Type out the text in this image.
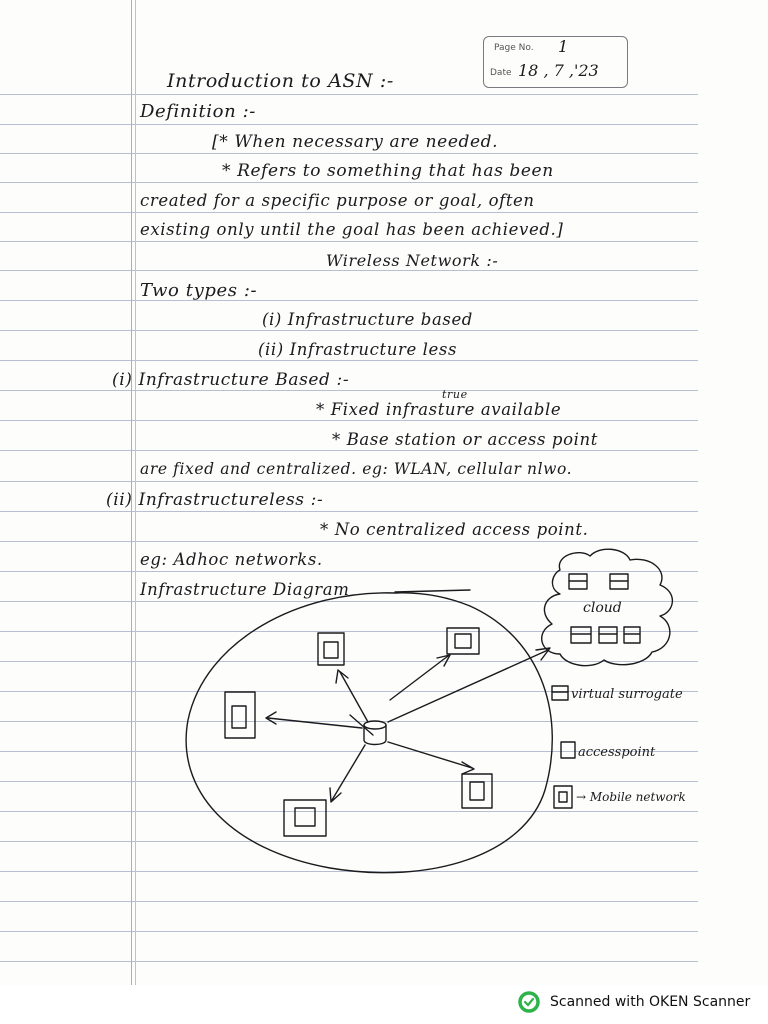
Page No. 1
Date 18 , 7 ,'23
Introduction to ASN :-
Definition :-
[* When necessary are needed.
* Refers to something that has been
created for a specific purpose or goal, often
existing only until the goal has been achieved.]
Wireless Network :-
Two types :-
(i) Infrastructure based
(ii) Infrastructure less
(i) Infrastructure Based :-
true
* Fixed infrasture available
* Base station or access point
are fixed and centralized. eg: WLAN, cellular nlwo.
(ii) Infrastructureless :-
* No centralized access point.
eg: Adhoc networks.
Infrastructure Diagram
cloud
virtual surrogate
accesspoint
→ Mobile network
Scanned with OKEN Scanner
